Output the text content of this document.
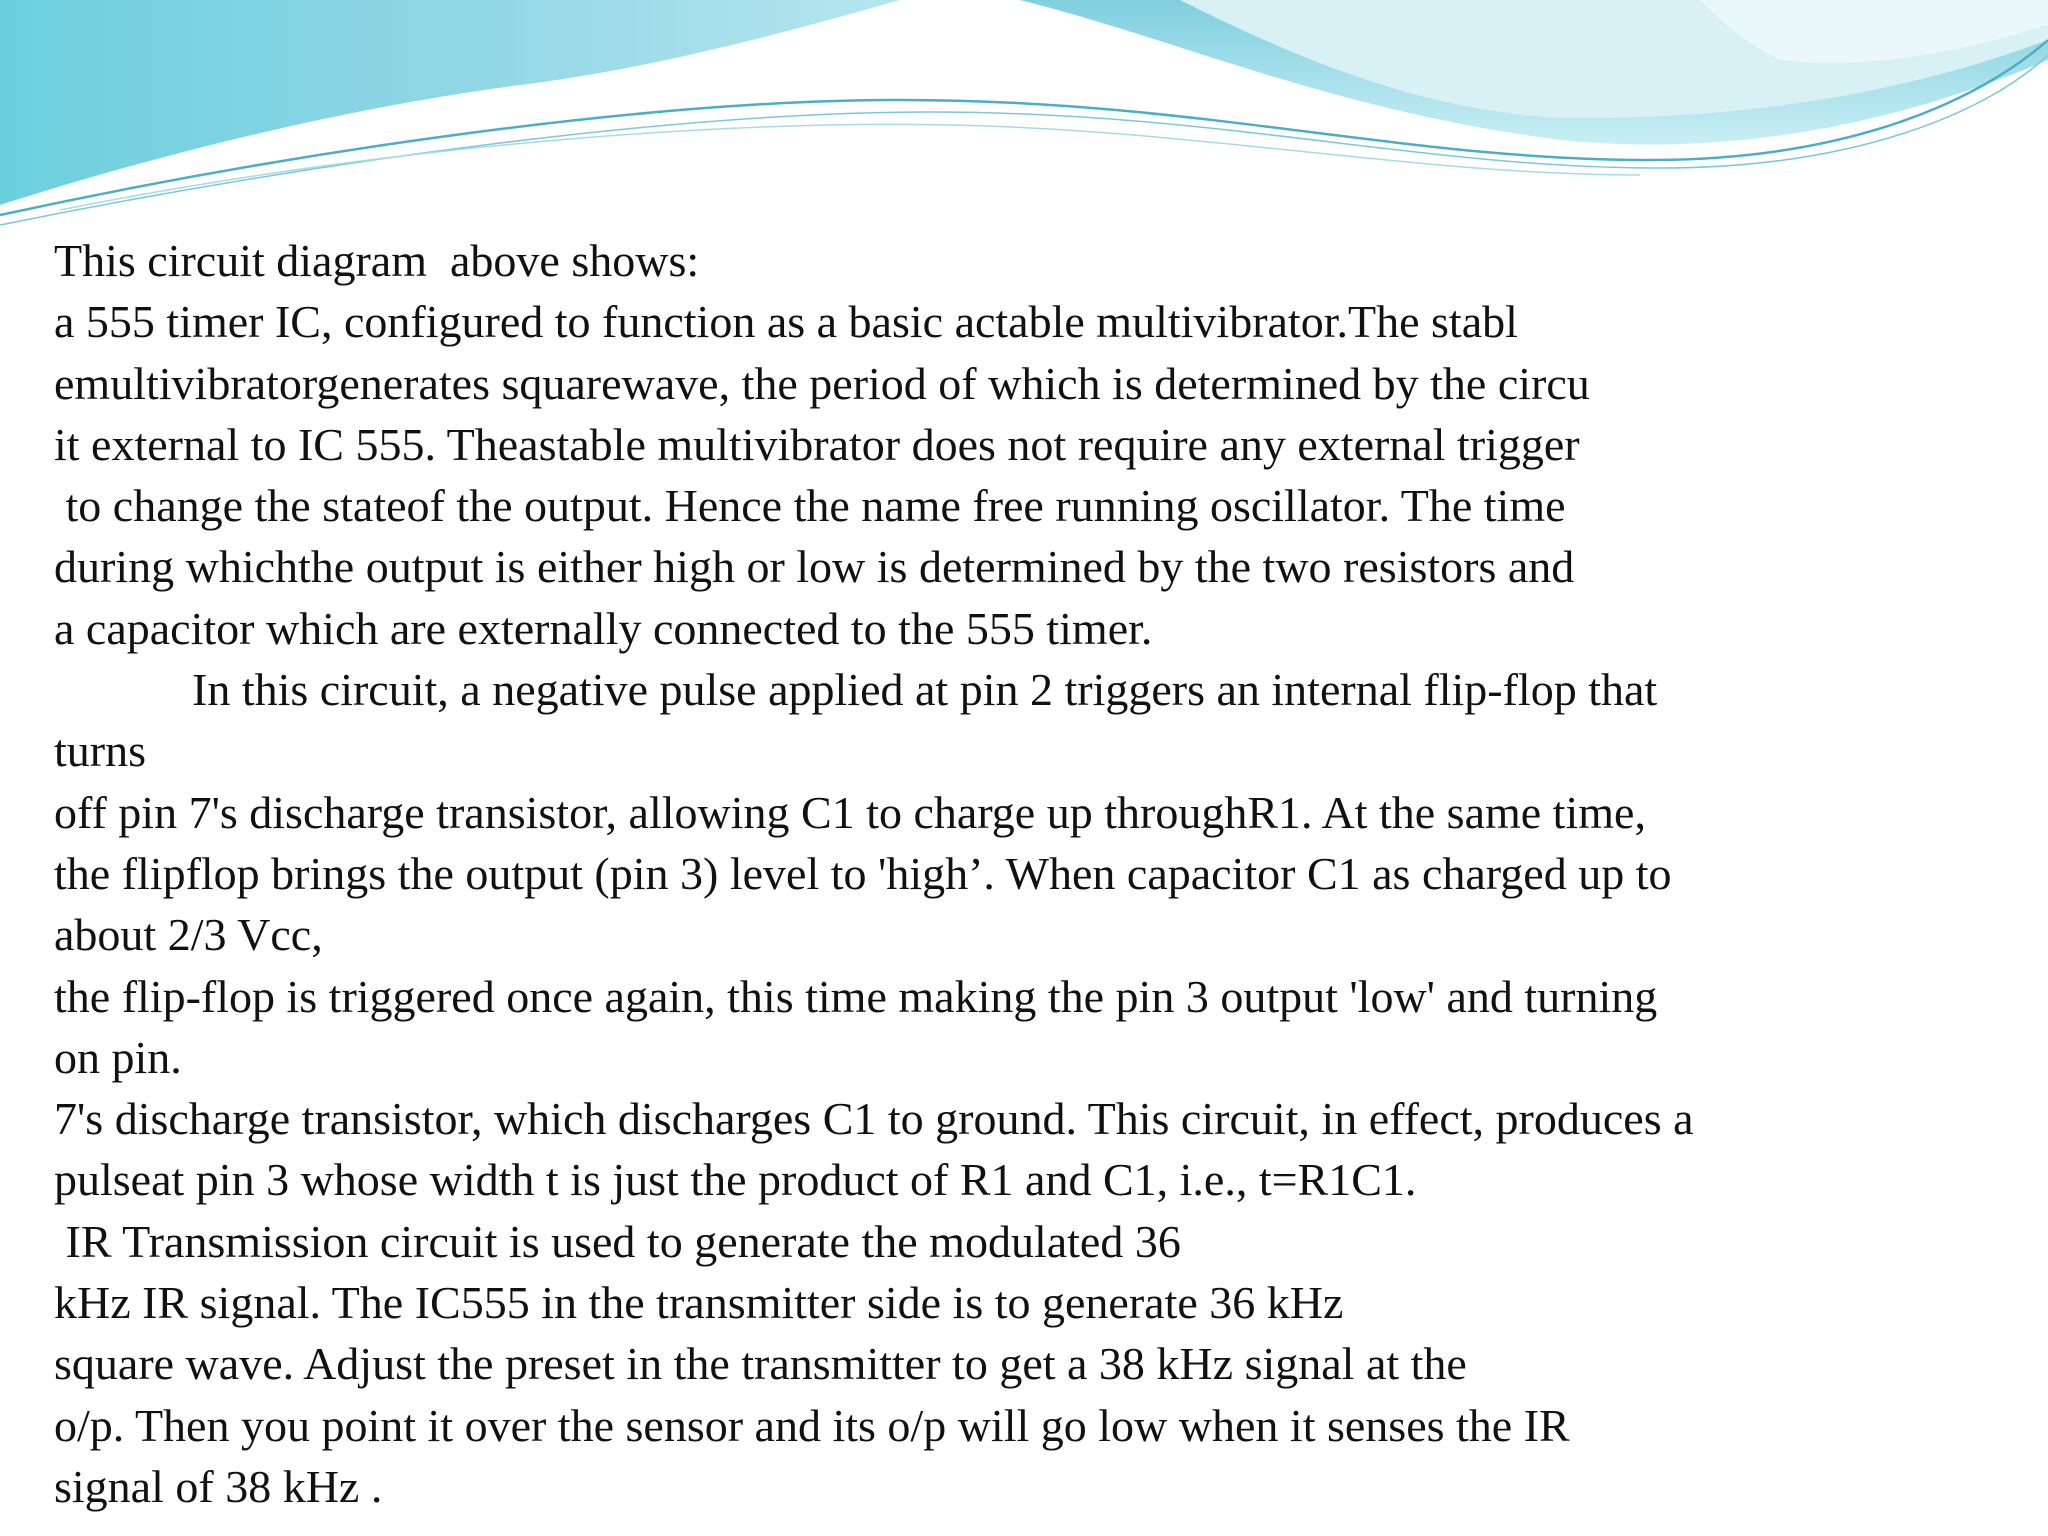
This circuit diagram  above shows:
a 555 timer IC, configured to function as a basic actable multivibrator.The stabl
emultivibratorgenerates squarewave, the period of which is determined by the circu
it external to IC 555. Theastable multivibrator does not require any external trigger
to change the stateof the output. Hence the name free running oscillator. The time
during whichthe output is either high or low is determined by the two resistors and
a capacitor which are externally connected to the 555 timer.
In this circuit, a negative pulse applied at pin 2 triggers an internal flip-flop that
turns
off pin 7's discharge transistor, allowing C1 to charge up throughR1. At the same time,
the flipflop brings the output (pin 3) level to 'high’. When capacitor C1 as charged up to
about 2/3 Vcc,
the flip-flop is triggered once again, this time making the pin 3 output 'low' and turning
on pin.
7's discharge transistor, which discharges C1 to ground. This circuit, in effect, produces a
pulseat pin 3 whose width t is just the product of R1 and C1, i.e., t=R1C1.
IR Transmission circuit is used to generate the modulated 36
kHz IR signal. The IC555 in the transmitter side is to generate 36 kHz
square wave. Adjust the preset in the transmitter to get a 38 kHz signal at the
o/p. Then you point it over the sensor and its o/p will go low when it senses the IR
signal of 38 kHz .
